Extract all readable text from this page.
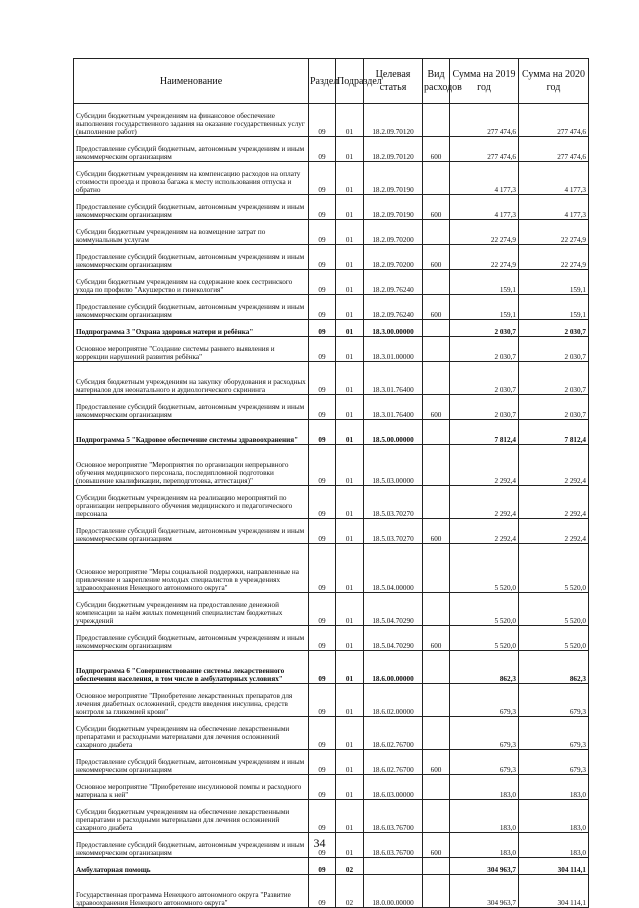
Наименование	Раздел	Подраздел	Целевая статья	Вид расходов	Сумма на 2019 год	Сумма на 2020 год
Субсидии бюджетным учреждениям на финансовое обеспечение выполнения государственного задания на оказание государственных услуг (выполнение работ)	09	01	18.2.09.70120		277 474,6	277 474,6
Предоставление субсидий бюджетным, автономным учреждениям и иным некоммерческим организациям	09	01	18.2.09.70120	600	277 474,6	277 474,6
Субсидии бюджетным учреждениям на компенсацию расходов на оплату стоимости проезда и провоза багажа к месту использования отпуска и обратно	09	01	18.2.09.70190		4 177,3	4 177,3
Предоставление субсидий бюджетным, автономным учреждениям и иным некоммерческим организациям	09	01	18.2.09.70190	600	4 177,3	4 177,3
Субсидии бюджетным учреждениям на возмещение затрат по коммунальным услугам	09	01	18.2.09.70200		22 274,9	22 274,9
Предоставление субсидий бюджетным, автономным учреждениям и иным некоммерческим организациям	09	01	18.2.09.70200	600	22 274,9	22 274,9
Субсидии бюджетным учреждениям на содержание коек сестринского ухода по профилю "Акушерство и гинекология"	09	01	18.2.09.76240		159,1	159,1
Предоставление субсидий бюджетным, автономным учреждениям и иным некоммерческим организациям	09	01	18.2.09.76240	600	159,1	159,1
Подпрограмма 3 "Охрана здоровья матери и ребёнка"	09	01	18.3.00.00000		2 030,7	2 030,7
Основное мероприятие "Создание системы раннего выявления и коррекции нарушений развития ребёнка"	09	01	18.3.01.00000		2 030,7	2 030,7
Субсидия бюджетным учреждениям на закупку оборудования и расходных материалов для неонатального и аудиологического скрининга	09	01	18.3.01.76400		2 030,7	2 030,7
Предоставление субсидий бюджетным, автономным учреждениям и иным некоммерческим организациям	09	01	18.3.01.76400	600	2 030,7	2 030,7
Подпрограмма 5 "Кадровое обеспечение системы здравоохранения"	09	01	18.5.00.00000		7 812,4	7 812,4
Основное мероприятие "Мероприятия по организации непрерывного обучения медицинского персонала, последипломной подготовки (повышение квалификации, переподготовка, аттестация)"	09	01	18.5.03.00000		2 292,4	2 292,4
Субсидии бюджетным учреждениям на реализацию мероприятий по организации непрерывного обучения медицинского и педагогического персонала	09	01	18.5.03.70270		2 292,4	2 292,4
Предоставление субсидий бюджетным, автономным учреждениям и иным некоммерческим организациям	09	01	18.5.03.70270	600	2 292,4	2 292,4
Основное мероприятие "Меры социальной поддержки, направленные на привлечение и закрепление молодых специалистов в учреждениях здравоохранения Ненецкого автономного округа"	09	01	18.5.04.00000		5 520,0	5 520,0
Субсидии бюджетным учреждениям на предоставление денежной компенсации за наём жилых помещений специалистам бюджетных учреждений	09	01	18.5.04.70290		5 520,0	5 520,0
Предоставление субсидий бюджетным, автономным учреждениям и иным некоммерческим организациям	09	01	18.5.04.70290	600	5 520,0	5 520,0
Подпрограмма 6 "Совершенствование системы лекарственного обеспечения населения, в том числе в амбулаторных условиях"	09	01	18.6.00.00000		862,3	862,3
Основное мероприятие "Приобретение лекарственных препаратов для лечения диабетных осложнений, средств введения инсулина, средств контроля за гликемией крови"	09	01	18.6.02.00000		679,3	679,3
Субсидии бюджетным учреждениям на обеспечение лекарственными препаратами и расходными материалами для лечения осложнений сахарного диабета	09	01	18.6.02.76700		679,3	679,3
Предоставление субсидий бюджетным, автономным учреждениям и иным некоммерческим организациям	09	01	18.6.02.76700	600	679,3	679,3
Основное мероприятие "Приобретение инсулиновой помпы и расходного материала к ней"	09	01	18.6.03.00000		183,0	183,0
Субсидии бюджетным учреждениям на обеспечение лекарственными препаратами и расходными материалами для лечения осложнений сахарного диабета	09	01	18.6.03.76700		183,0	183,0
Предоставление субсидий бюджетным, автономным учреждениям и иным некоммерческим организациям	09	01	18.6.03.76700	600	183,0	183,0
Амбулаторная помощь	09	02			304 963,7	304 114,1
Государственная программа Ненецкого автономного округа "Развитие здравоохранения Ненецкого автономного округа"	09	02	18.0.00.00000		304 963,7	304 114,1
34
